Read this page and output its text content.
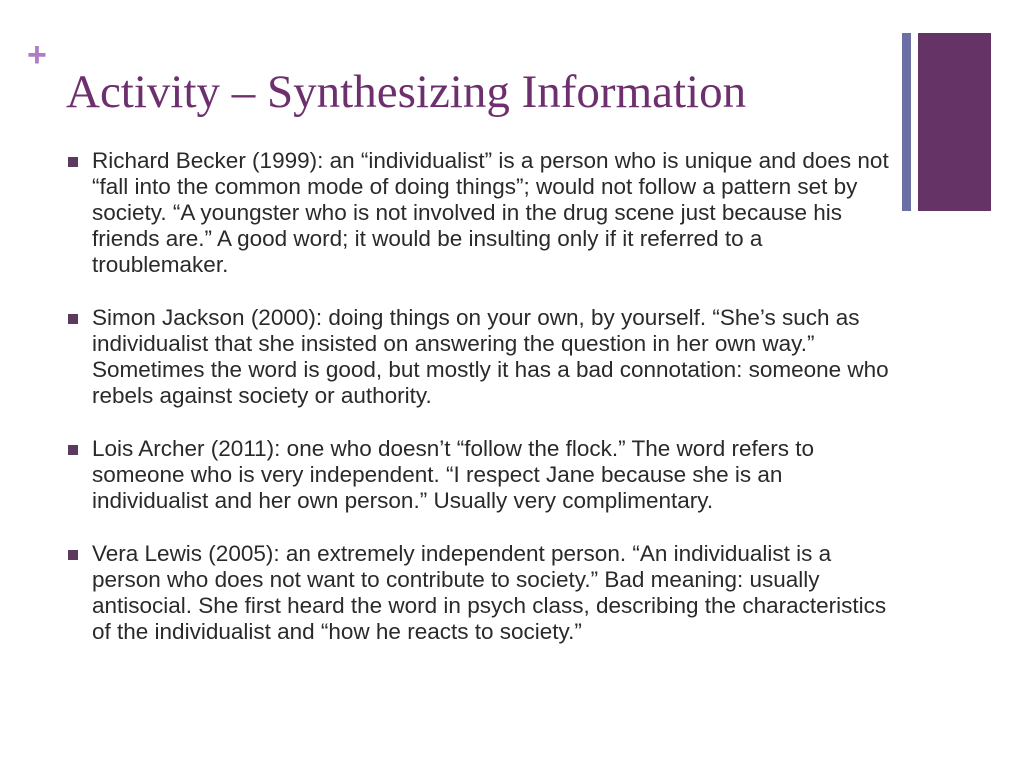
+
Activity – Synthesizing Information
Richard Becker (1999): an “individualist” is a person who is unique and does not “fall into the common mode of doing things”; would not follow a pattern set by society. “A youngster who is not involved in the drug scene just because his friends are.” A good word; it would be insulting only if it referred to a troublemaker.
Simon Jackson (2000): doing things on your own, by yourself. “She’s such as individualist that she insisted on answering the question in her own way.” Sometimes the word is good, but mostly it has a bad connotation: someone who rebels against society or authority.
Lois Archer (2011): one who doesn’t “follow the flock.” The word refers to someone who is very independent. “I respect Jane because she is an individualist and her own person.” Usually very complimentary.
Vera Lewis (2005): an extremely independent person. “An individualist is a person who does not want to contribute to society.” Bad meaning: usually antisocial. She first heard the word in psych class, describing the characteristics of the individualist and “how he reacts to society.”
